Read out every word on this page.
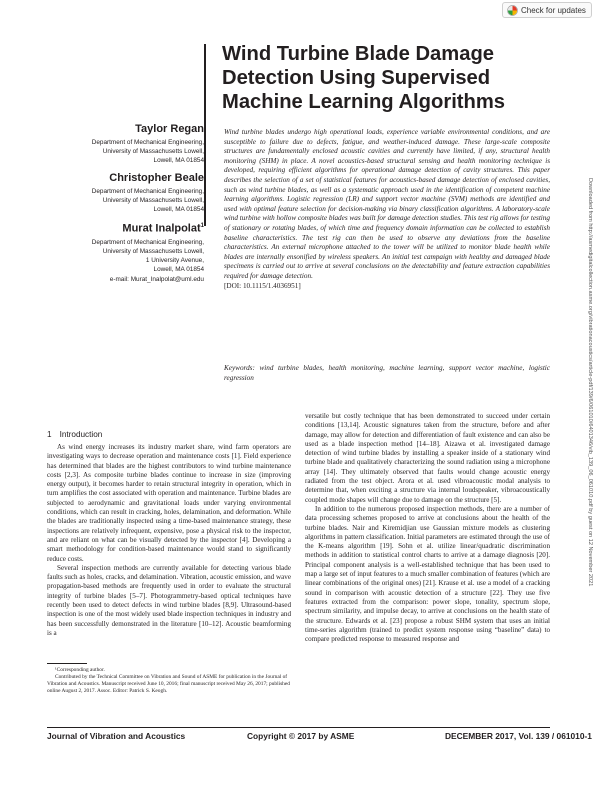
Check for updates
Wind Turbine Blade Damage
Detection Using Supervised
Machine Learning Algorithms
Taylor Regan
Department of Mechanical Engineering,
University of Massachusetts Lowell,
Lowell, MA 01854
Christopher Beale
Department of Mechanical Engineering,
University of Massachusetts Lowell,
Lowell, MA 01854
Murat Inalpolat$^1$
Department of Mechanical Engineering,
University of Massachusetts Lowell,
1 University Avenue,
Lowell, MA 01854
e-mail: Murat_Inalpolat@uml.edu
Wind turbine blades undergo high operational loads, experience variable environmental conditions, and are susceptible to failure due to defects, fatigue, and weather-induced damage. These large-scale composite structures are fundamentally enclosed acoustic cavities and currently have limited, if any, structural health monitoring (SHM) in place. A novel acoustics-based structural sensing and health monitoring technique is developed, requiring efficient algorithms for operational damage detection of cavity structures. This paper describes the selection of a set of statistical features for acoustics-based damage detection of enclosed cavities, such as wind turbine blades, as well as a systematic approach used in the identification of competent machine learning algorithms. Logistic regression (LR) and support vector machine (SVM) methods are identified and used with optimal feature selection for decision-making via binary classification algorithms. A laboratory-scale wind turbine with hollow composite blades was built for damage detection studies. This test rig allows for testing of stationary or rotating blades, of which time and frequency domain information can be collected to establish baseline characteristics. The test rig can then be used to observe any deviations from the baseline characteristics. An external microphone attached to the tower will be utilized to monitor blade health while blades are internally ensonified by wireless speakers. An initial test campaign with healthy and damaged blade specimens is carried out to arrive at several conclusions on the detectability and feature extraction capabilities required for damage detection.
[DOI: 10.1115/1.4036951]
Keywords: wind turbine blades, health monitoring, machine learning, support vector machine, logistic regression	Downloaded from http://asmedigitalcollection.asme.org/vibrationacoustics/article-pdf/139/6/061010/6401346/vib_139_06_061010.pdf by guest on 12 November 2021
1 Introduction

As wind energy increases its industry market share, wind farm operators are investigating ways to decrease operation and maintenance costs [1]. Field experience has determined that blades are the highest contributors to wind turbine maintenance costs [2,3]. As composite turbine blades continue to increase in size (improving energy output), it becomes harder to retain structural integrity in operation, which in turn amplifies the cost associated with operation and maintenance. Turbine blades are subjected to aerodynamic and gravitational loads under varying environmental conditions, which can result in cracking, holes, delamination, and deformation. While the blades are traditionally inspected using a time-based maintenance strategy, these inspections are relatively infrequent, expensive, pose a physical risk to the inspector, and are reliant on what can be visually detected by the inspector [4]. Developing a smart methodology for condition-based maintenance would stand to significantly reduce costs.

Several inspection methods are currently available for detecting various blade faults such as holes, cracks, and delamination. Vibration, acoustic emission, and wave propagation-based methods are frequently used in order to evaluate the structural integrity of turbine blades [5–7]. Photogrammetry-based optical techniques have recently been used to detect defects in wind turbine blades [8,9]. Ultrasound-based inspection is one of the most widely used blade inspection techniques in industry and has been successfully demonstrated in the literature [10–12]. Acoustic beamforming is a

¹Corresponding author.

Contributed by the Technical Committee on Vibration and Sound of ASME for publication in the Journal of Vibration and Acoustics. Manuscript received June 10, 2016; final manuscript received May 26, 2017; published online August 2, 2017. Assoc. Editor: Patrick S. Keogh.

versatile but costly technique that has been demonstrated to succeed under certain conditions [13,14]. Acoustic signatures taken from the structure, before and after damage, may allow for detection and differentiation of fault existence and can also be used as a blade inspection method [14–18]. Aizawa et al. investigated damage detection of wind turbine blades by installing a speaker inside of a stationary wind turbine blade and qualitatively characterizing the sound radiation using a microphone array [14]. They ultimately observed that faults would change acoustic energy radiated from the test object. Arora et al. used vibroacoustic modal analysis to determine that, when exciting a structure via internal loudspeaker, vibroacoustically coupled mode shapes will change due to damage on the structure [5].

In addition to the numerous proposed inspection methods, there are a number of data processing schemes proposed to arrive at conclusions about the health of the turbine blades. Nair and Kiremidjian use Gaussian mixture models as clustering algorithms in pattern classification. Initial parameters are estimated through the use of the K-means algorithm [19]. Sohn et al. utilize linear/quadratic discrimination methods in addition to statistical control charts to arrive at a damage diagnosis [20]. Principal component analysis is a well-established technique that has been used to map a large set of input features to a much smaller combination of features (which are linear combinations of the original ones) [21]. Krause et al. use a model of a cracking sound in comparison with acoustic detection of a structure [22]. They use five features extracted from the comparison: power slope, tonality, spectrum slope, spectrum similarity, and impulse decay, to arrive at conclusions on the health state of the structure. Edwards et al. [23] propose a robust SHM system that uses an initial time-series algorithm (trained to predict system response using “baseline” data) to compare predicted response to measured response and

Journal of Vibration and Acoustics	Copyright © 2017 by ASME	DECEMBER 2017, Vol. 139 / 061010-1
